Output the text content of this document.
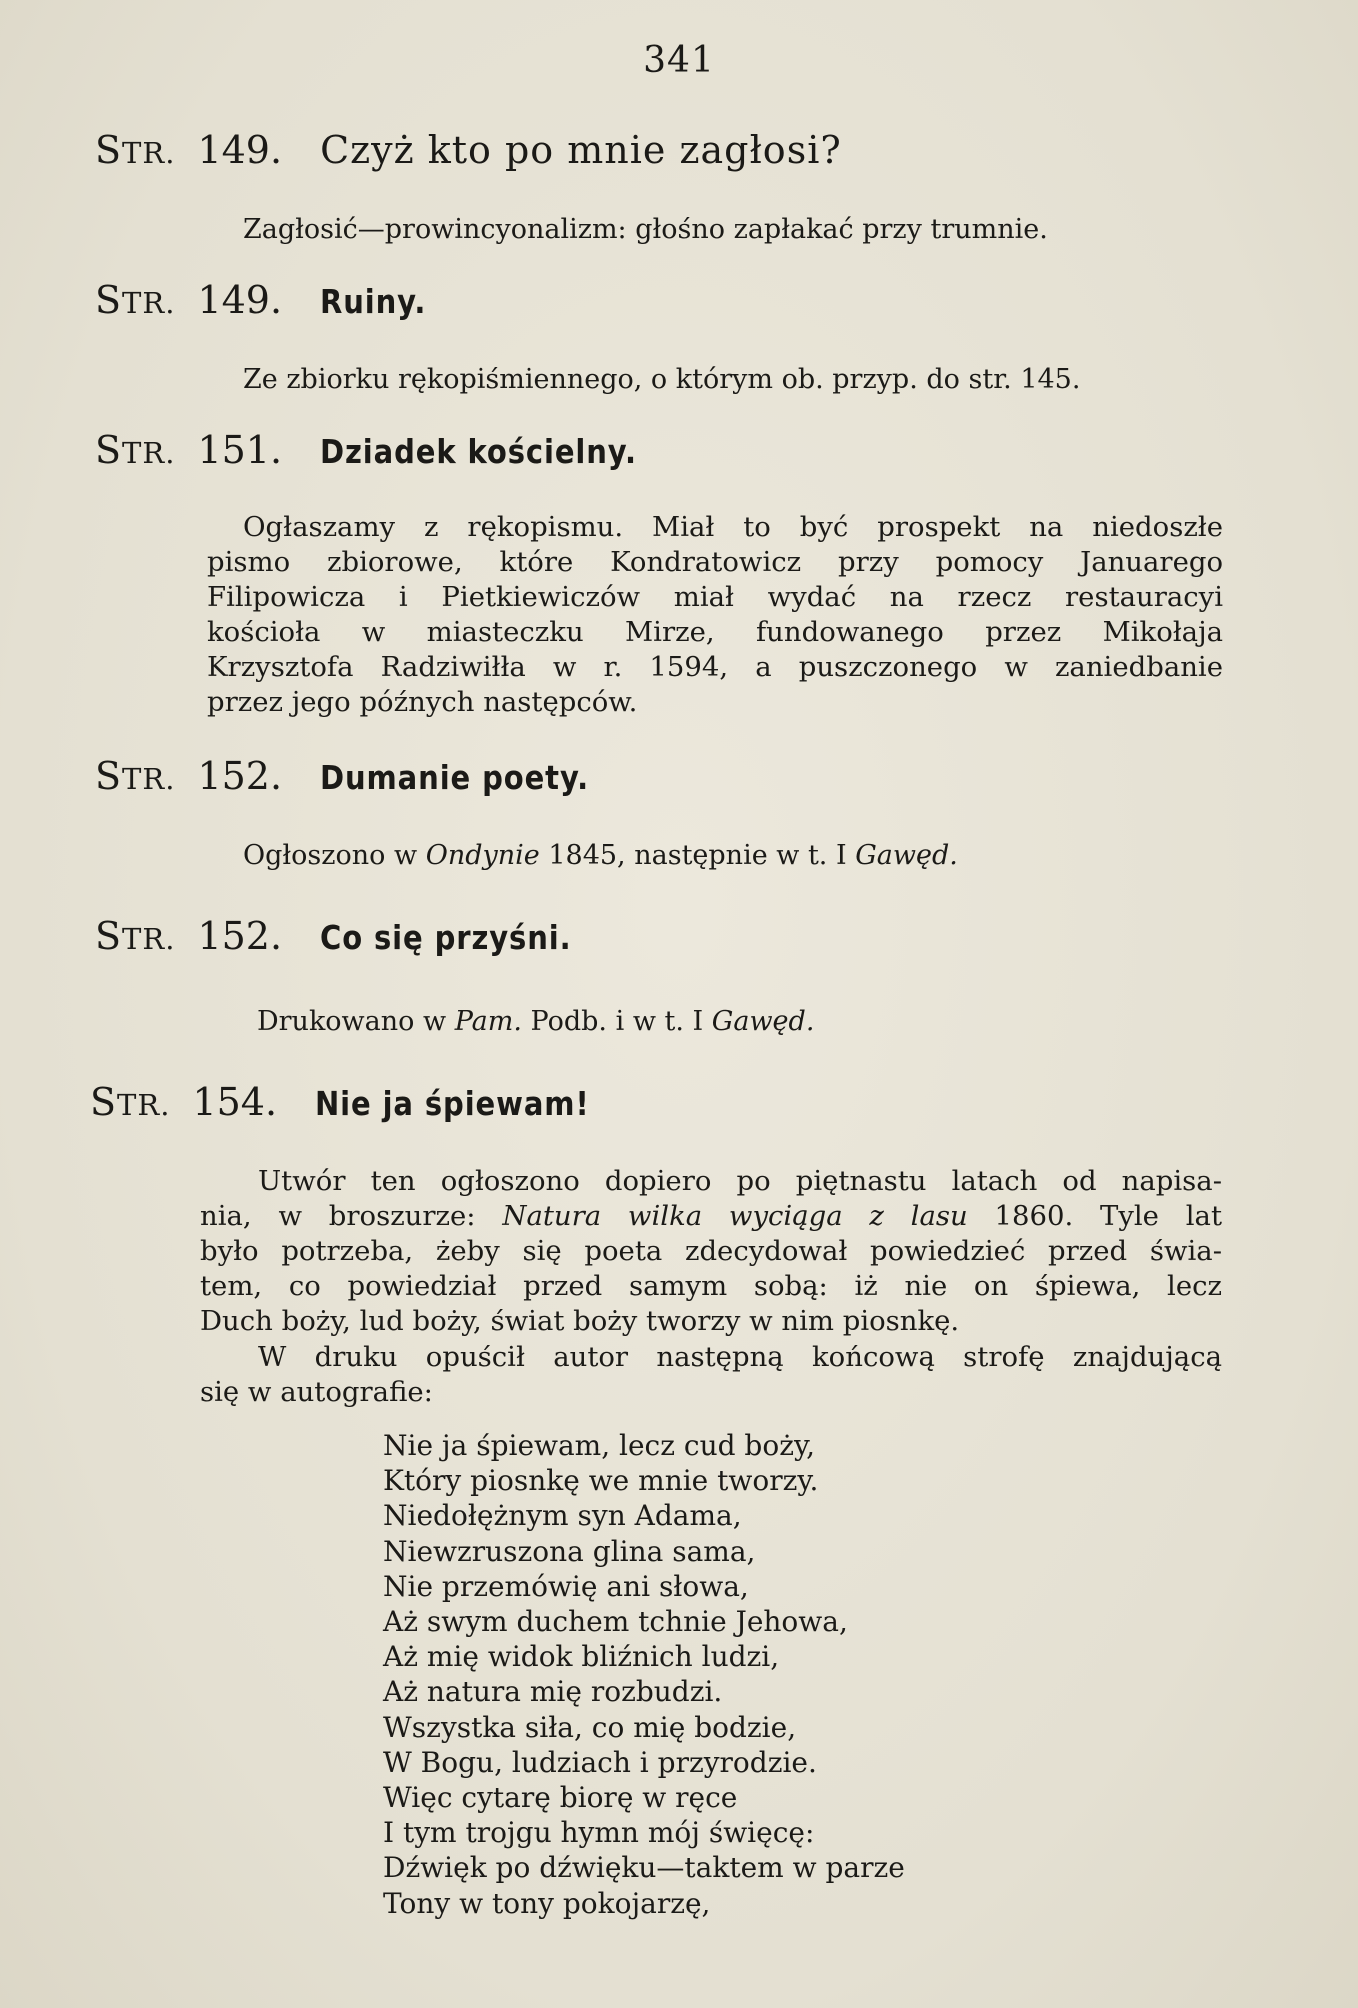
341
STR. 149. Czyż kto po mnie zagłosi?
Zagłosić—prowincyonalizm: głośno zapłakać przy trumnie.
STR. 149. Ruiny.
Ze zbiorku rękopiśmiennego, o którym ob. przyp. do str. 145.
STR. 151. Dziadek kościelny.
Ogłaszamy z rękopismu. Miał to być prospekt na niedoszłe
pismo zbiorowe, które Kondratowicz przy pomocy Januarego
Filipowicza i Pietkiewiczów miał wydać na rzecz restauracyi
kościoła w miasteczku Mirze, fundowanego przez Mikołaja
Krzysztofa Radziwiłła w r. 1594, a puszczonego w zaniedbanie
przez jego późnych następców.
STR. 152. Dumanie poety.
Ogłoszono w Ondynie 1845, następnie w t. I Gawęd.
STR. 152. Co się przyśni.
Drukowano w Pam. Podb. i w t. I Gawęd.
STR. 154. Nie ja śpiewam!
Utwór ten ogłoszono dopiero po piętnastu latach od napisa-
nia, w broszurze: Natura wilka wyciąga z lasu 1860. Tyle lat
było potrzeba, żeby się poeta zdecydował powiedzieć przed świa-
tem, co powiedział przed samym sobą: iż nie on śpiewa, lecz
Duch boży, lud boży, świat boży tworzy w nim piosnkę.
W druku opuścił autor następną końcową strofę znajdującą
się w autografie:
Nie ja śpiewam, lecz cud boży,
Który piosnkę we mnie tworzy.
Niedołężnym syn Adama,
Niewzruszona glina sama,
Nie przemówię ani słowa,
Aż swym duchem tchnie Jehowa,
Aż mię widok bliźnich ludzi,
Aż natura mię rozbudzi.
Wszystka siła, co mię bodzie,
W Bogu, ludziach i przyrodzie.
Więc cytarę biorę w ręce
I tym trojgu hymn mój święcę:
Dźwięk po dźwięku—taktem w parze
Tony w tony pokojarzę,
